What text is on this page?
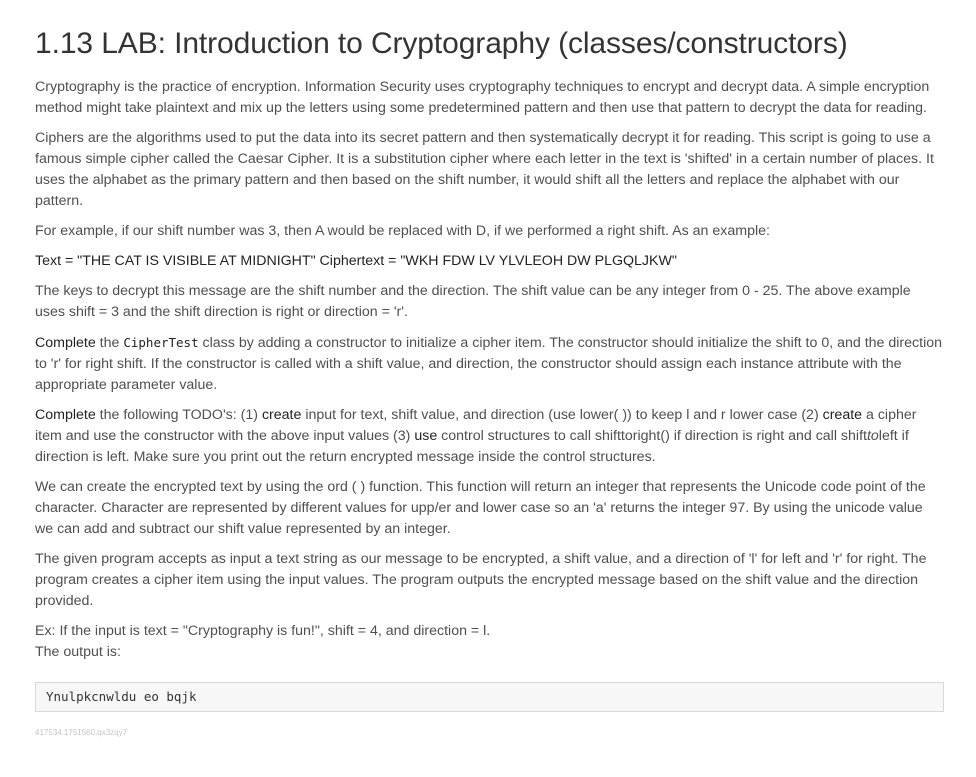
1.13 LAB: Introduction to Cryptography (classes/constructors)

Cryptography is the practice of encryption. Information Security uses cryptography techniques to encrypt and decrypt data. A simple encryption method might take plaintext and mix up the letters using some predetermined pattern and then use that pattern to decrypt the data for reading.

Ciphers are the algorithms used to put the data into its secret pattern and then systematically decrypt it for reading. This script is going to use a famous simple cipher called the Caesar Cipher. It is a substitution cipher where each letter in the text is 'shifted' in a certain number of places. It uses the alphabet as the primary pattern and then based on the shift number, it would shift all the letters and replace the alphabet with our pattern.

For example, if our shift number was 3, then A would be replaced with D, if we performed a right shift. As an example:

Text = "THE CAT IS VISIBLE AT MIDNIGHT" Ciphertext = "WKH FDW LV YLVLEOH DW PLGQLJKW"

The keys to decrypt this message are the shift number and the direction. The shift value can be any integer from 0 - 25. The above example uses shift = 3 and the shift direction is right or direction = 'r'.

Complete the CipherTest class by adding a constructor to initialize a cipher item. The constructor should initialize the shift to 0, and the direction to 'r' for right shift. If the constructor is called with a shift value, and direction, the constructor should assign each instance attribute with the appropriate parameter value.

Complete the following TODO's: (1) create input for text, shift value, and direction (use lower( )) to keep l and r lower case (2) create a cipher item and use the constructor with the above input values (3) use control structures to call shifttoright() if direction is right and call shifttoleft if direction is left. Make sure you print out the return encrypted message inside the control structures.

We can create the encrypted text by using the ord ( ) function. This function will return an integer that represents the Unicode code point of the character. Character are represented by different values for upp/er and lower case so an 'a' returns the integer 97. By using the unicode value we can add and subtract our shift value represented by an integer.

The given program accepts as input a text string as our message to be encrypted, a shift value, and a direction of 'l' for left and 'r' for right. The program creates a cipher item using the input values. The program outputs the encrypted message based on the shift value and the direction provided.

Ex: If the input is text = "Cryptography is fun!", shift = 4, and direction = l.
The output is:

Ynulpkcnwldu eo bqjk
417534.1751560.qx3zqy7
